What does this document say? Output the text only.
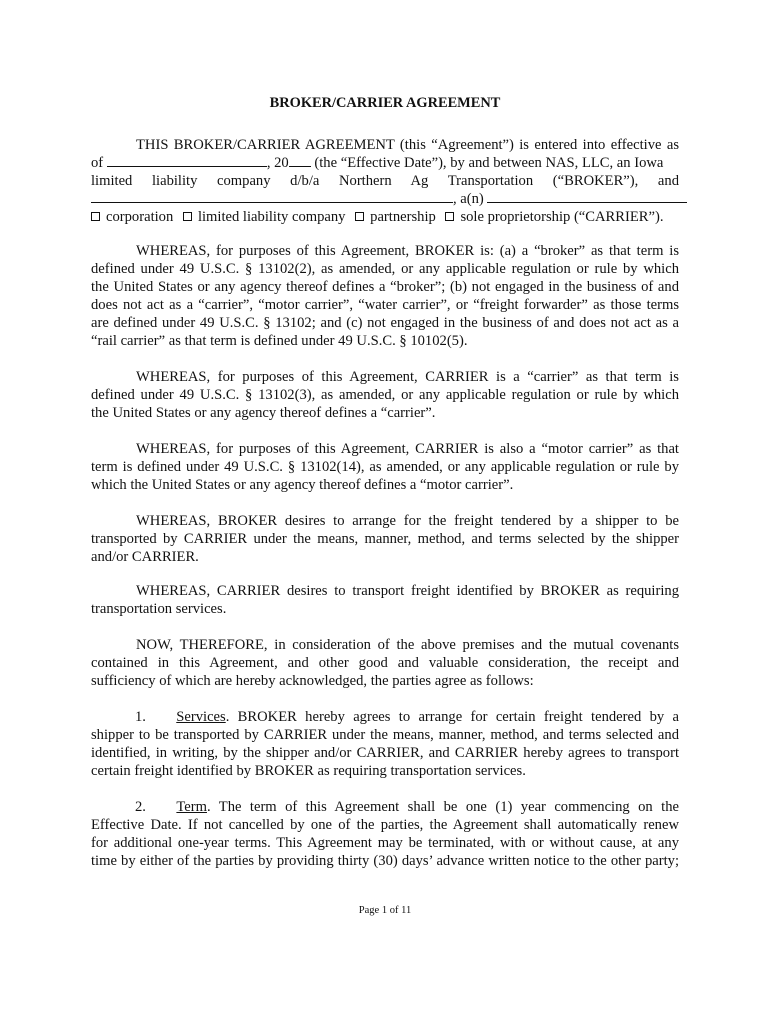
BROKER/CARRIER AGREEMENT
THIS BROKER/CARRIER AGREEMENT (this “Agreement”) is entered into effective as
of	, 20 (the “Effective Date”), by and between NAS, LLC, an Iowa
limited liability company d/b/a Northern Ag Transportation (“BROKER”), and
, a(n)
corporation limited liability company partnership sole proprietorship (“CARRIER”).
WHEREAS, for purposes of this Agreement, BROKER is: (a) a “broker” as that term is
defined under 49 U.S.C. § 13102(2), as amended, or any applicable regulation or rule by which
the United States or any agency thereof defines a “broker”; (b) not engaged in the business of and
does not act as a “carrier”, “motor carrier”, “water carrier”, or “freight forwarder” as those terms
are defined under 49 U.S.C. § 13102; and (c) not engaged in the business of and does not act as a
“rail carrier” as that term is defined under 49 U.S.C. § 10102(5).
WHEREAS, for purposes of this Agreement, CARRIER is a “carrier” as that term is
defined under 49 U.S.C. § 13102(3), as amended, or any applicable regulation or rule by which
the United States or any agency thereof defines a “carrier”.
WHEREAS, for purposes of this Agreement, CARRIER is also a “motor carrier” as that
term is defined under 49 U.S.C. § 13102(14), as amended, or any applicable regulation or rule by
which the United States or any agency thereof defines a “motor carrier”.
WHEREAS, BROKER desires to arrange for the freight tendered by a shipper to be
transported by CARRIER under the means, manner, method, and terms selected by the shipper
and/or CARRIER.
WHEREAS, CARRIER desires to transport freight identified by BROKER as requiring
transportation services.
NOW, THEREFORE, in consideration of the above premises and the mutual covenants
contained in this Agreement, and other good and valuable consideration, the receipt and
sufficiency of which are hereby acknowledged, the parties agree as follows:
1. Services. BROKER hereby agrees to arrange for certain freight tendered by a
shipper to be transported by CARRIER under the means, manner, method, and terms selected and
identified, in writing, by the shipper and/or CARRIER, and CARRIER hereby agrees to transport
certain freight identified by BROKER as requiring transportation services.
2. Term. The term of this Agreement shall be one (1) year commencing on the
Effective Date. If not cancelled by one of the parties, the Agreement shall automatically renew
for additional one-year terms. This Agreement may be terminated, with or without cause, at any
time by either of the parties by providing thirty (30) days’ advance written notice to the other party;
Page 1 of 11
